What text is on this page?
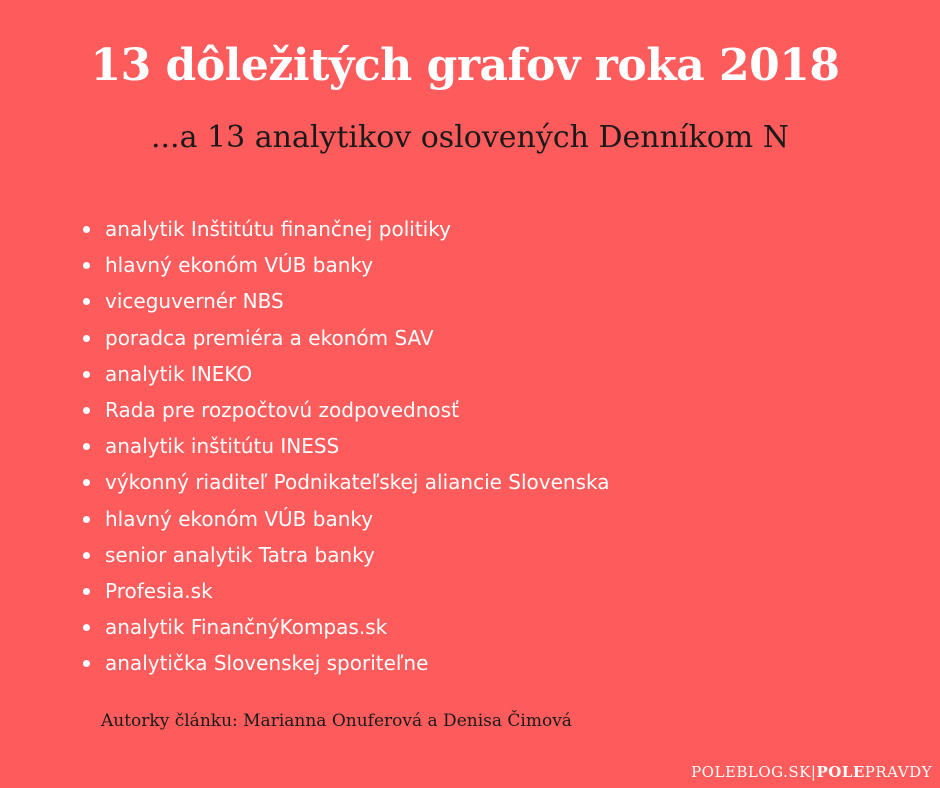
13 dôležitých grafov roka 2018
...a 13 analytikov oslovených Denníkom N
analytik Inštitútu finančnej politiky
hlavný ekonóm VÚB banky
viceguvernér NBS
poradca premiéra a ekonóm SAV
analytik INEKO
Rada pre rozpočtovú zodpovednosť
analytik inštitútu INESS
výkonný riaditeľ Podnikateľskej aliancie Slovenska
hlavný ekonóm VÚB banky
senior analytik Tatra banky
Profesia.sk
analytik FinančnýKompas.sk
analytička Slovenskej sporiteľne
Autorky článku: Marianna Onuferová a Denisa Čimová
POLEBLOG.SK|POLEPRAVDY
